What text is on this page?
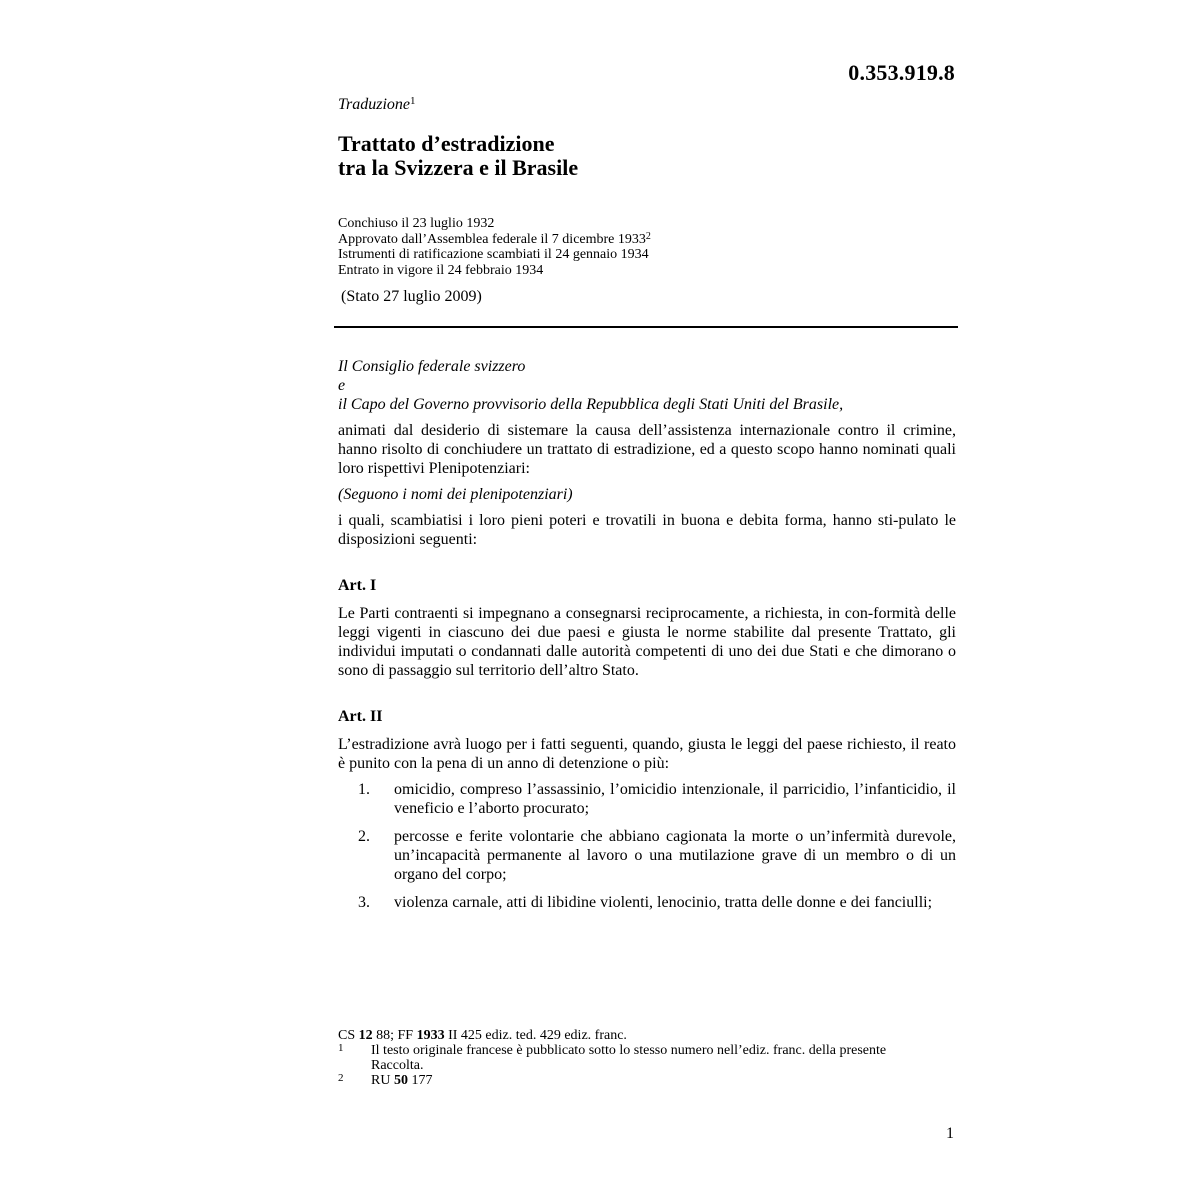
0.353.919.8
Traduzione$^1$
Trattato d’estradizione
tra la Svizzera e il Brasile
Conchiuso il 23 luglio 1932
Approvato dall’Assemblea federale il 7 dicembre 1933$^2$
Istrumenti di ratificazione scambiati il 24 gennaio 1934
Entrato in vigore il 24 febbraio 1934
(Stato 27 luglio 2009)

Il Consiglio federale svizzero

e

il Capo del Governo provvisorio della Repubblica degli Stati Uniti del Brasile,

animati dal desiderio di sistemare la causa dell’assistenza internazionale contro il crimine, hanno risolto di conchiudere un trattato di estradizione, ed a questo scopo hanno nominati quali loro rispettivi Plenipotenziari:

(Seguono i nomi dei plenipotenziari)

i quali, scambiatisi i loro pieni poteri e trovatili in buona e debita forma, hanno sti-pulato le disposizioni seguenti:

Art. I

Le Parti contraenti si impegnano a consegnarsi reciprocamente, a richiesta, in con-formità delle leggi vigenti in ciascuno dei due paesi e giusta le norme stabilite dal presente Trattato, gli individui imputati o condannati dalle autorità competenti di uno dei due Stati e che dimorano o sono di passaggio sul territorio dell’altro Stato.

Art. II

L’estradizione avrà luogo per i fatti seguenti, quando, giusta le leggi del paese richiesto, il reato è punito con la pena di un anno di detenzione o più:

1. omicidio, compreso l’assassinio, l’omicidio intenzionale, il parricidio, l’infanticidio, il veneficio e l’aborto procurato;
2. percosse e ferite volontarie che abbiano cagionata la morte o un’infermità durevole, un’incapacità permanente al lavoro o una mutilazione grave di un membro o di un organo del corpo;
3. violenza carnale, atti di libidine violenti, lenocinio, tratta delle donne e dei fanciulli;
CS 12 88; FF 1933 II 425 ediz. ted. 429 ediz. franc.
1 Il testo originale francese è pubblicato sotto lo stesso numero nell’ediz. franc. della presente Raccolta.
2 RU 50 177
1
